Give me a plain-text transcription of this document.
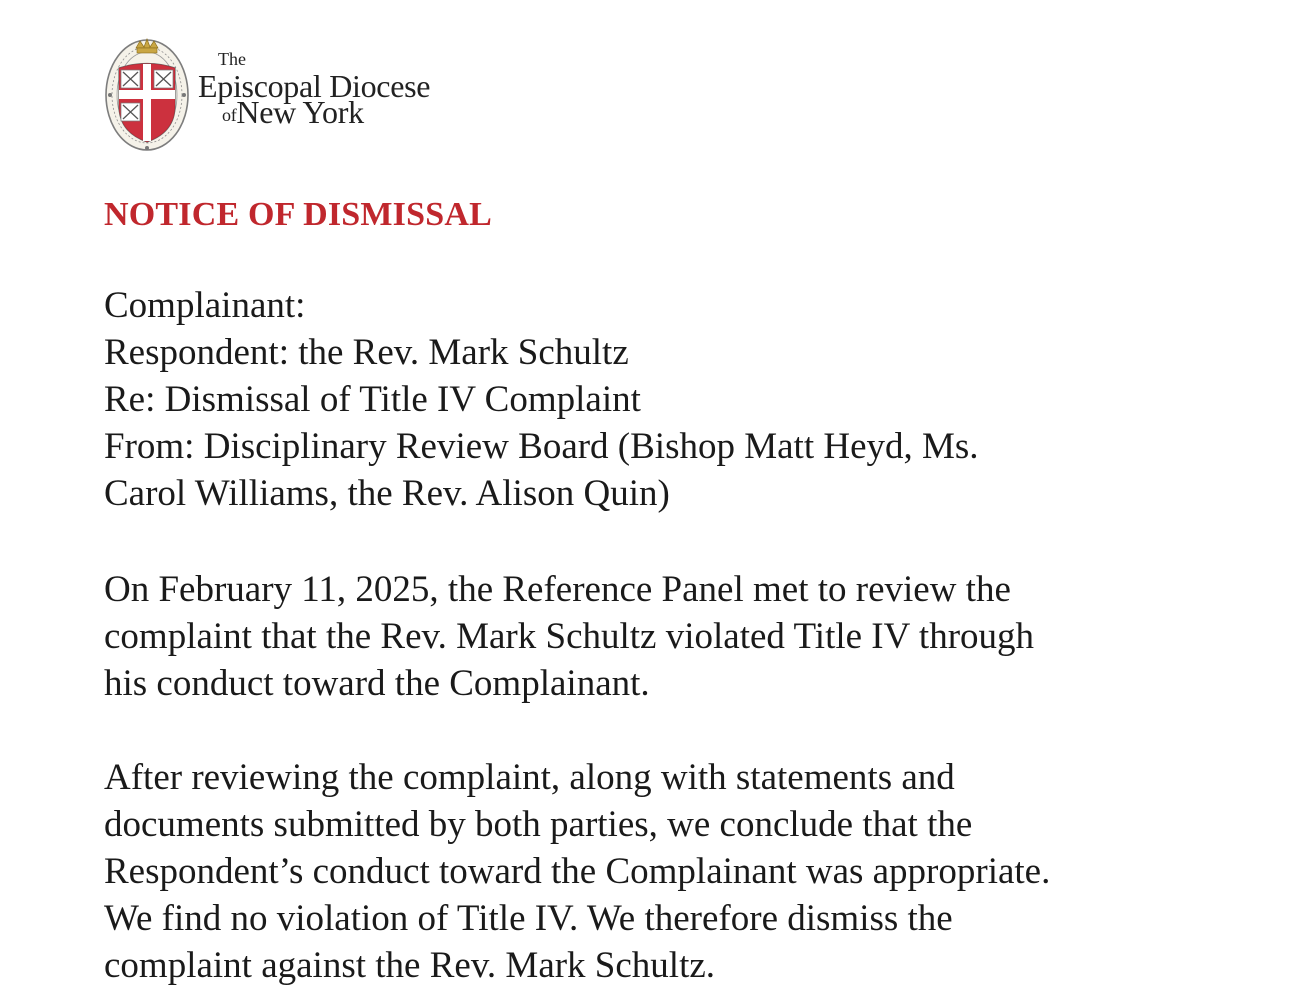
The
Episcopal Diocese
ofNew York
NOTICE OF DISMISSAL

Complainant:

Respondent: the Rev. Mark Schultz

Re: Dismissal of Title IV Complaint

From: Disciplinary Review Board (Bishop Matt Heyd, Ms.

Carol Williams, the Rev. Alison Quin)

On February 11, 2025, the Reference Panel met to review the
complaint that the Rev. Mark Schultz violated Title IV through
his conduct toward the Complainant.
After reviewing the complaint, along with statements and
documents submitted by both parties, we conclude that the
Respondent’s conduct toward the Complainant was appropriate.
We find no violation of Title IV. We therefore dismiss the
complaint against the Rev. Mark Schultz.
